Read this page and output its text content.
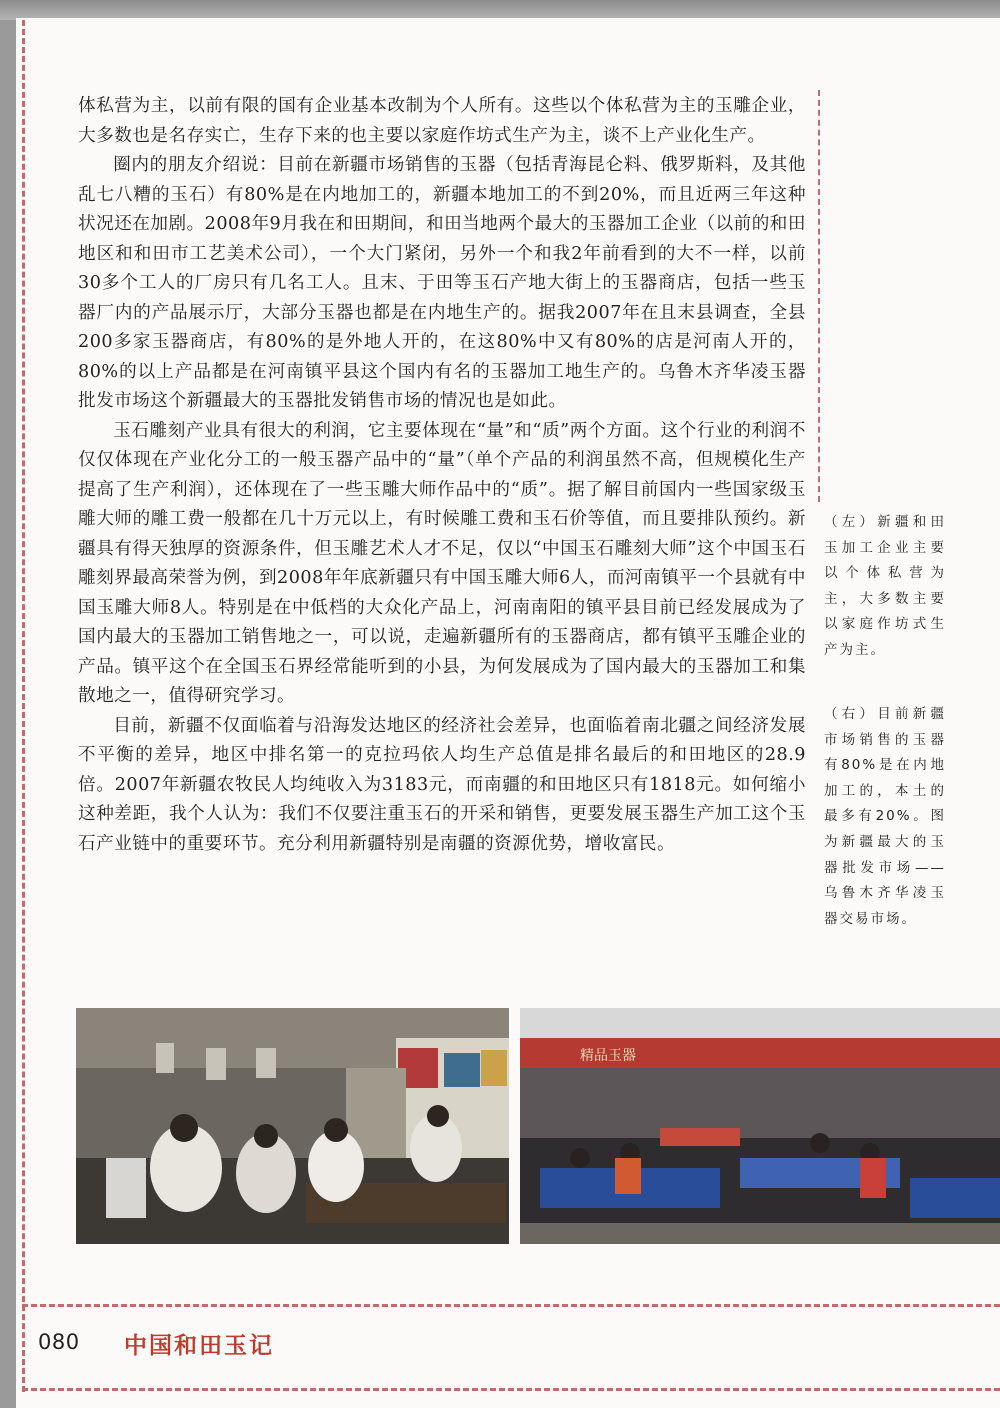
体私营为主，以前有限的国有企业基本改制为个人所有。这些以个体私营为主的玉雕企业，大多数也是名存实亡，生存下来的也主要以家庭作坊式生产为主，谈不上产业化生产。

圈内的朋友介绍说：目前在新疆市场销售的玉器（包括青海昆仑料、俄罗斯料，及其他乱七八糟的玉石）有80%是在内地加工的，新疆本地加工的不到20%，而且近两三年这种状况还在加剧。2008年9月我在和田期间，和田当地两个最大的玉器加工企业（以前的和田地区和和田市工艺美术公司），一个大门紧闭，另外一个和我2年前看到的大不一样，以前30多个工人的厂房只有几名工人。且末、于田等玉石产地大街上的玉器商店，包括一些玉器厂内的产品展示厅，大部分玉器也都是在内地生产的。据我2007年在且末县调查，全县200多家玉器商店，有80%的是外地人开的，在这80%中又有80%的店是河南人开的，80%的以上产品都是在河南镇平县这个国内有名的玉器加工地生产的。乌鲁木齐华凌玉器批发市场这个新疆最大的玉器批发销售市场的情况也是如此。

玉石雕刻产业具有很大的利润，它主要体现在“量”和“质”两个方面。这个行业的利润不仅仅体现在产业化分工的一般玉器产品中的“量”（单个产品的利润虽然不高，但规模化生产提高了生产利润），还体现在了一些玉雕大师作品中的“质”。据了解目前国内一些国家级玉雕大师的雕工费一般都在几十万元以上，有时候雕工费和玉石价等值，而且要排队预约。新疆具有得天独厚的资源条件，但玉雕艺术人才不足，仅以“中国玉石雕刻大师”这个中国玉石雕刻界最高荣誉为例，到2008年年底新疆只有中国玉雕大师6人，而河南镇平一个县就有中国玉雕大师8人。特别是在中低档的大众化产品上，河南南阳的镇平县目前已经发展成为了国内最大的玉器加工销售地之一，可以说，走遍新疆所有的玉器商店，都有镇平玉雕企业的产品。镇平这个在全国玉石界经常能听到的小县，为何发展成为了国内最大的玉器加工和集散地之一，值得研究学习。

目前，新疆不仅面临着与沿海发达地区的经济社会差异，也面临着南北疆之间经济发展不平衡的差异，地区中排名第一的克拉玛依人均生产总值是排名最后的和田地区的28.9倍。2007年新疆农牧民人均纯收入为3183元，而南疆的和田地区只有1818元。如何缩小这种差距，我个人认为：我们不仅要注重玉石的开采和销售，更要发展玉器生产加工这个玉石产业链中的重要环节。充分利用新疆特别是南疆的资源优势，增收富民。

（左）新疆和田玉加工企业主要以个体私营为主，大多数主要以家庭作坊式生产为主。
（右）目前新疆市场销售的玉器有80%是在内地加工的，本土的最多有20%。图为新疆最大的玉器批发市场——乌鲁木齐华凌玉器交易市场。
精品玉器
080 中国和田玉记
